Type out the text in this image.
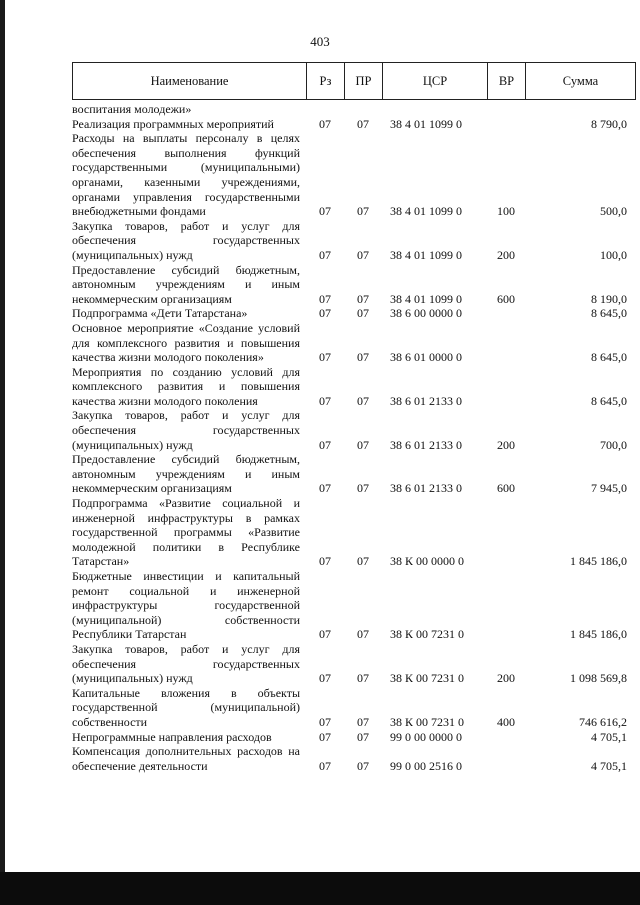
403
Наименование	Рз	ПР	ЦСР	ВР	Сумма
воспитания молодежи»
Реализация программных мероприятий	07	07	38 4 01 1099 0		8 790,0
Расходы на выплаты персоналу в целях обеспечения выполнения функций государственными (муниципальными) органами, казенными учреждениями, органами управления государственными внебюджетными фондами	07	07	38 4 01 1099 0	100	500,0
Закупка товаров, работ и услуг для обеспечения государственных (муниципальных) нужд	07	07	38 4 01 1099 0	200	100,0
Предоставление субсидий бюджетным, автономным учреждениям и иным некоммерческим организациям	07	07	38 4 01 1099 0	600	8 190,0
Подпрограмма «Дети Татарстана»	07	07	38 6 00 0000 0		8 645,0
Основное мероприятие «Создание условий для комплексного развития и повышения качества жизни молодого поколения»	07	07	38 6 01 0000 0		8 645,0
Мероприятия по созданию условий для комплексного развития и повышения качества жизни молодого поколения	07	07	38 6 01 2133 0		8 645,0
Закупка товаров, работ и услуг для обеспечения государственных (муниципальных) нужд	07	07	38 6 01 2133 0	200	700,0
Предоставление субсидий бюджетным, автономным учреждениям и иным некоммерческим организациям	07	07	38 6 01 2133 0	600	7 945,0
Подпрограмма «Развитие социальной и инженерной инфраструктуры в рамках государственной программы «Развитие молодежной политики в Республике Татарстан»	07	07	38 К 00 0000 0		1 845 186,0
Бюджетные инвестиции и капитальный ремонт социальной и инженерной инфраструктуры государственной (муниципальной) собственности Республики Татарстан	07	07	38 К 00 7231 0		1 845 186,0
Закупка товаров, работ и услуг для обеспечения государственных (муниципальных) нужд	07	07	38 К 00 7231 0	200	1 098 569,8
Капитальные вложения в объекты государственной (муниципальной) собственности	07	07	38 К 00 7231 0	400	746 616,2
Непрограммные направления расходов	07	07	99 0 00 0000 0		4 705,1
Компенсация дополнительных расходов на обеспечение деятельности	07	07	99 0 00 2516 0		4 705,1
